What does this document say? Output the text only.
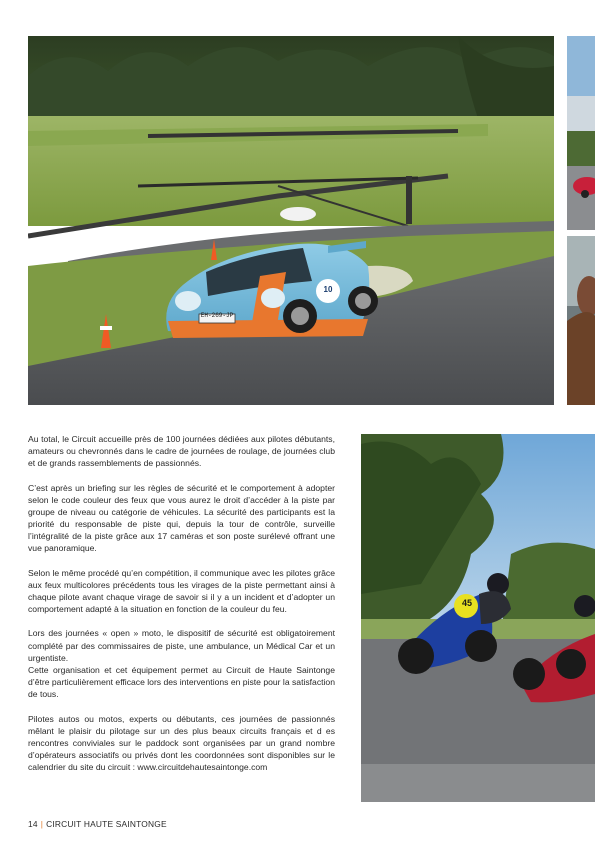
EH-269-JP
10

Au total, le Circuit accueille près de 100 journées dédiées aux pilotes débutants, amateurs ou chevronnés dans le cadre de journées de roulage, de journées club et de grands rassemblements de passionnés.

C’est après un briefing sur les règles de sécurité et le comportement à adopter selon le code couleur des feux que vous aurez le droit d’accéder à la piste par groupe de niveau ou catégorie de véhicules. La sécurité des participants est la priorité du responsable de piste qui, depuis la tour de contrôle, surveille l’intégralité de la piste grâce aux 17 caméras et son poste surélevé offrant une vue panoramique.

Selon le même procédé qu’en compétition, il communique avec les pilotes grâce aux feux multicolores précédents tous les virages de la piste permettant ainsi à chaque pilote avant chaque virage de savoir si il y a un incident et d’adopter un comportement adapté à la situation en fonction de la couleur du feu.

Lors des journées « open » moto, le dispositif de sécurité est obligatoirement complété par des commissaires de piste, une ambulance, un Médical Car et un urgentiste.

Cette organisation et cet équipement permet au Circuit de Haute Saintonge d’être particulièrement efficace lors des interventions en piste pour la satisfaction de tous.

Pilotes autos ou motos, experts ou débutants, ces journées de passionnés mêlant le plaisir du pilotage sur un des plus beaux circuits français et d es rencontres conviviales sur le paddock sont organisées par un grand nombre d’opérateurs associatifs ou privés dont les coordonnées sont disponibles sur le calendrier du site du circuit : www.circuitdehautesaintonge.com

45
14 | CIRCUIT HAUTE SAINTONGE
